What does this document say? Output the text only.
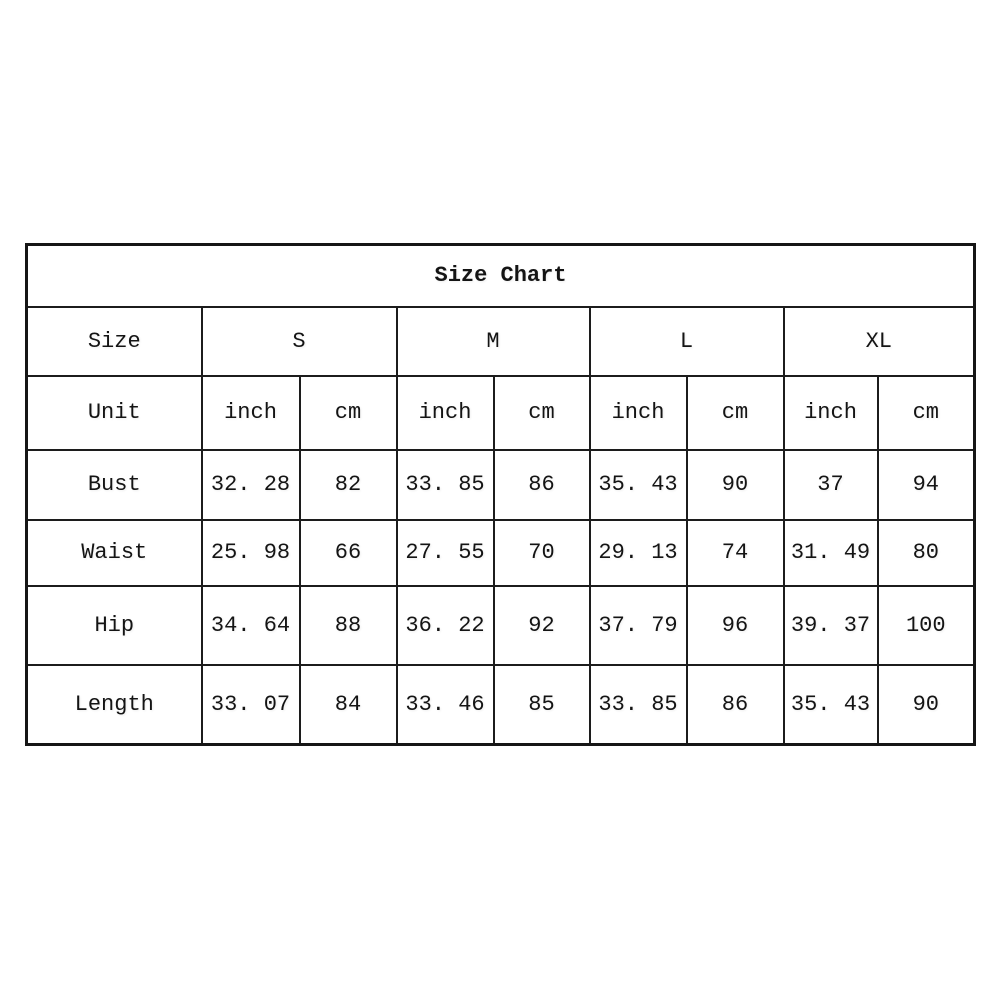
Size Chart								
Size	S		M		L		XL	
Unit	inch	cm	inch	cm	inch	cm	inch	cm
Bust	32. 28	82	33. 85	86	35. 43	90	37	94
Waist	25. 98	66	27. 55	70	29. 13	74	31. 49	80
Hip	34. 64	88	36. 22	92	37. 79	96	39. 37	100
Length	33. 07	84	33. 46	85	33. 85	86	35. 43	90
